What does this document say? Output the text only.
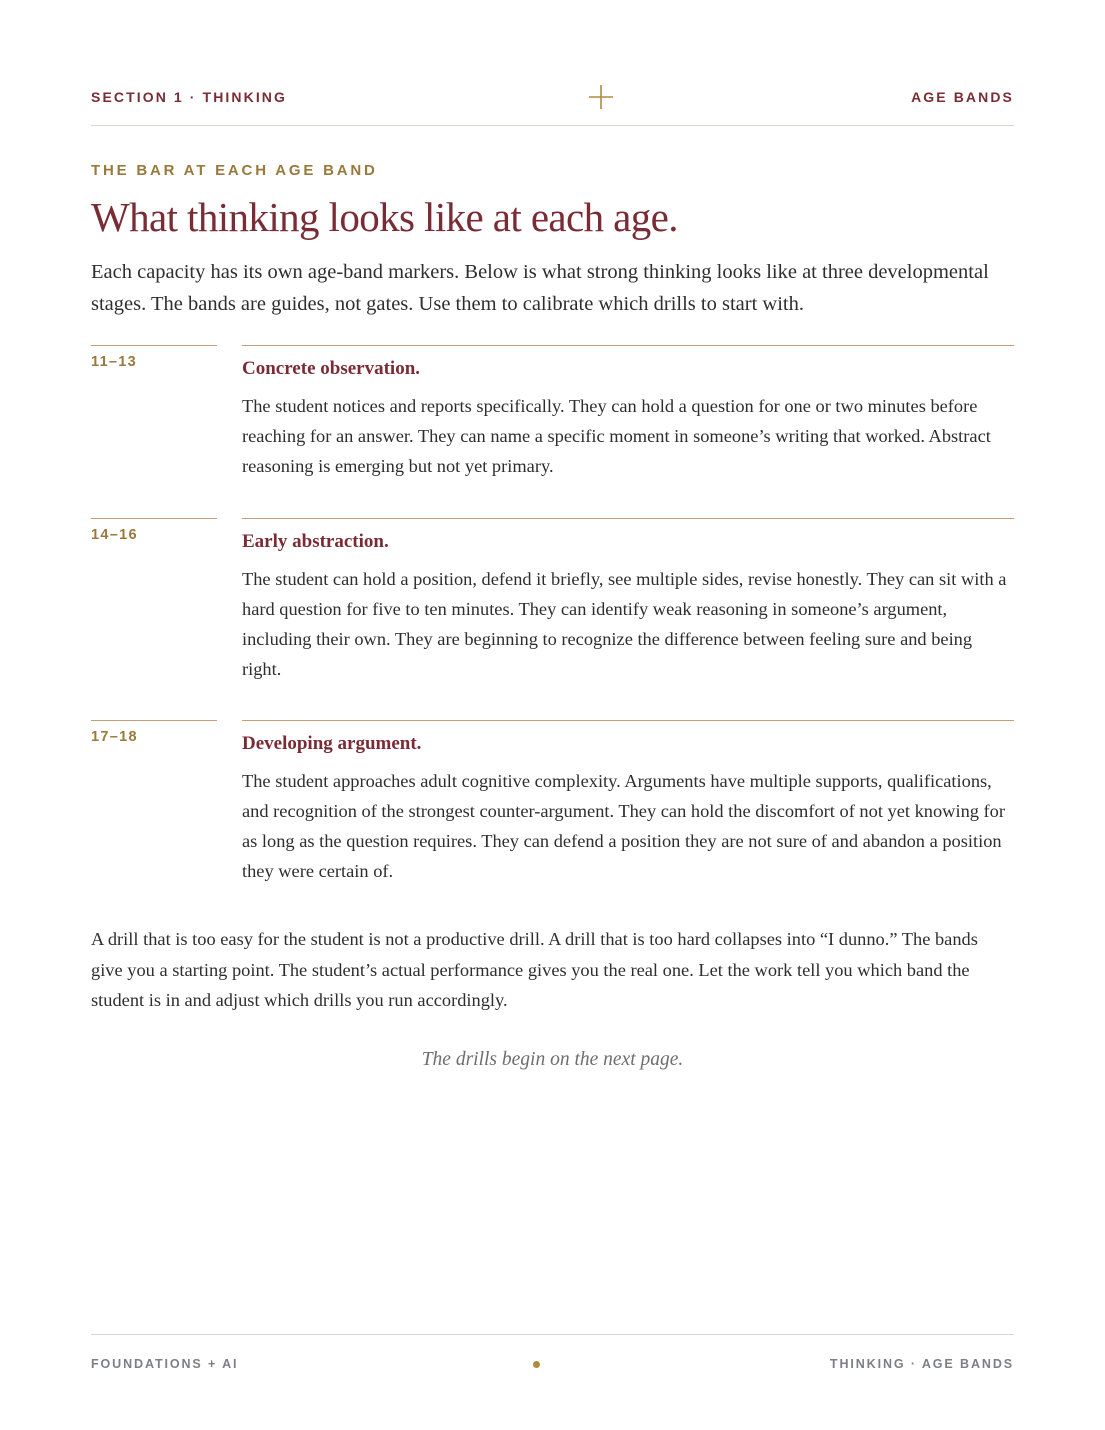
SECTION 1 · THINKING	AGE BANDS
THE BAR AT EACH AGE BAND
What thinking looks like at each age.

Each capacity has its own age-band markers. Below is what strong thinking looks like at three developmental stages. The bands are guides, not gates. Use them to calibrate which drills to start with.

11–13	Concrete observation.
The student notices and reports specifically. They can hold a question for one or two minutes before reaching for an answer. They can name a specific moment in someone’s writing that worked. Abstract reasoning is emerging but not yet primary.
14–16	Early abstraction.
The student can hold a position, defend it briefly, see multiple sides, revise honestly. They can sit with a hard question for five to ten minutes. They can identify weak reasoning in someone’s argument, including their own. They are beginning to recognize the difference between feeling sure and being right.
17–18	Developing argument.
The student approaches adult cognitive complexity. Arguments have multiple supports, qualifications, and recognition of the strongest counter-argument. They can hold the discomfort of not yet knowing for as long as the question requires. They can defend a position they are not sure of and abandon a position they were certain of.

A drill that is too easy for the student is not a productive drill. A drill that is too hard collapses into “I dunno.” The bands give you a starting point. The student’s actual performance gives you the real one. Let the work tell you which band the student is in and adjust which drills you run accordingly.

The drills begin on the next page.

FOUNDATIONS + AI	THINKING · AGE BANDS
